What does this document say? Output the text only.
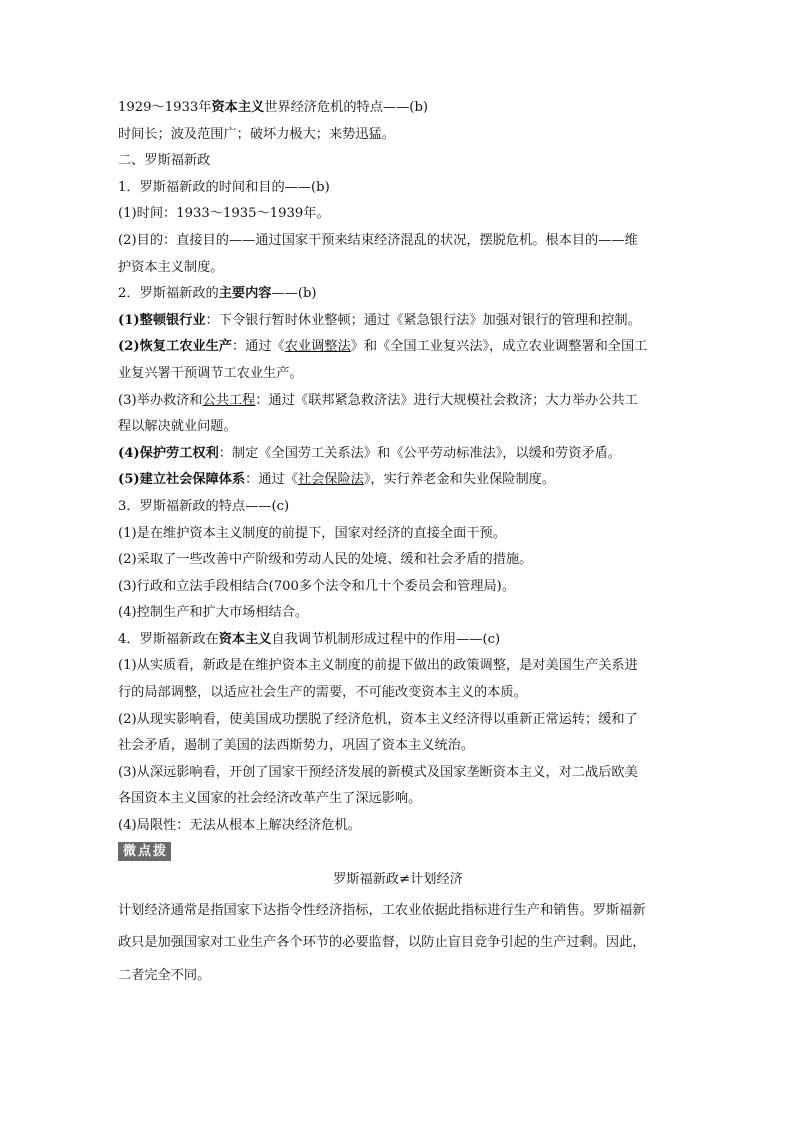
1929～1933年资本主义世界经济危机的特点——(b)

时间长；波及范围广；破坏力极大；来势迅猛。

二、罗斯福新政

1．罗斯福新政的时间和目的——(b)

(1)时间：1933～1935～1939年。

(2)目的：直接目的——通过国家干预来结束经济混乱的状况，摆脱危机。根本目的——维

护资本主义制度。

2．罗斯福新政的主要内容——(b)

(1)整顿银行业：下令银行暂时休业整顿；通过《紧急银行法》加强对银行的管理和控制。

(2)恢复工农业生产：通过《农业调整法》和《全国工业复兴法》，成立农业调整署和全国工

业复兴署干预调节工农业生产。

(3)举办救济和公共工程：通过《联邦紧急救济法》进行大规模社会救济；大力举办公共工

程以解决就业问题。

(4)保护劳工权利：制定《全国劳工关系法》和《公平劳动标准法》，以缓和劳资矛盾。

(5)建立社会保障体系：通过《社会保险法》，实行养老金和失业保险制度。

3．罗斯福新政的特点——(c)

(1)是在维护资本主义制度的前提下，国家对经济的直接全面干预。

(2)采取了一些改善中产阶级和劳动人民的处境、缓和社会矛盾的措施。

(3)行政和立法手段相结合(700多个法令和几十个委员会和管理局)。

(4)控制生产和扩大市场相结合。

4．罗斯福新政在资本主义自我调节机制形成过程中的作用——(c)

(1)从实质看，新政是在维护资本主义制度的前提下做出的政策调整，是对美国生产关系进

行的局部调整，以适应社会生产的需要，不可能改变资本主义的本质。

(2)从现实影响看，使美国成功摆脱了经济危机，资本主义经济得以重新正常运转；缓和了

社会矛盾，遏制了美国的法西斯势力，巩固了资本主义统治。

(3)从深远影响看，开创了国家干预经济发展的新模式及国家垄断资本主义，对二战后欧美

各国资本主义国家的社会经济改革产生了深远影响。

(4)局限性：无法从根本上解决经济危机。

微点拨

罗斯福新政≠计划经济

计划经济通常是指国家下达指令性经济指标，工农业依据此指标进行生产和销售。罗斯福新

政只是加强国家对工业生产各个环节的必要监督，以防止盲目竞争引起的生产过剩。因此，

二者完全不同。
